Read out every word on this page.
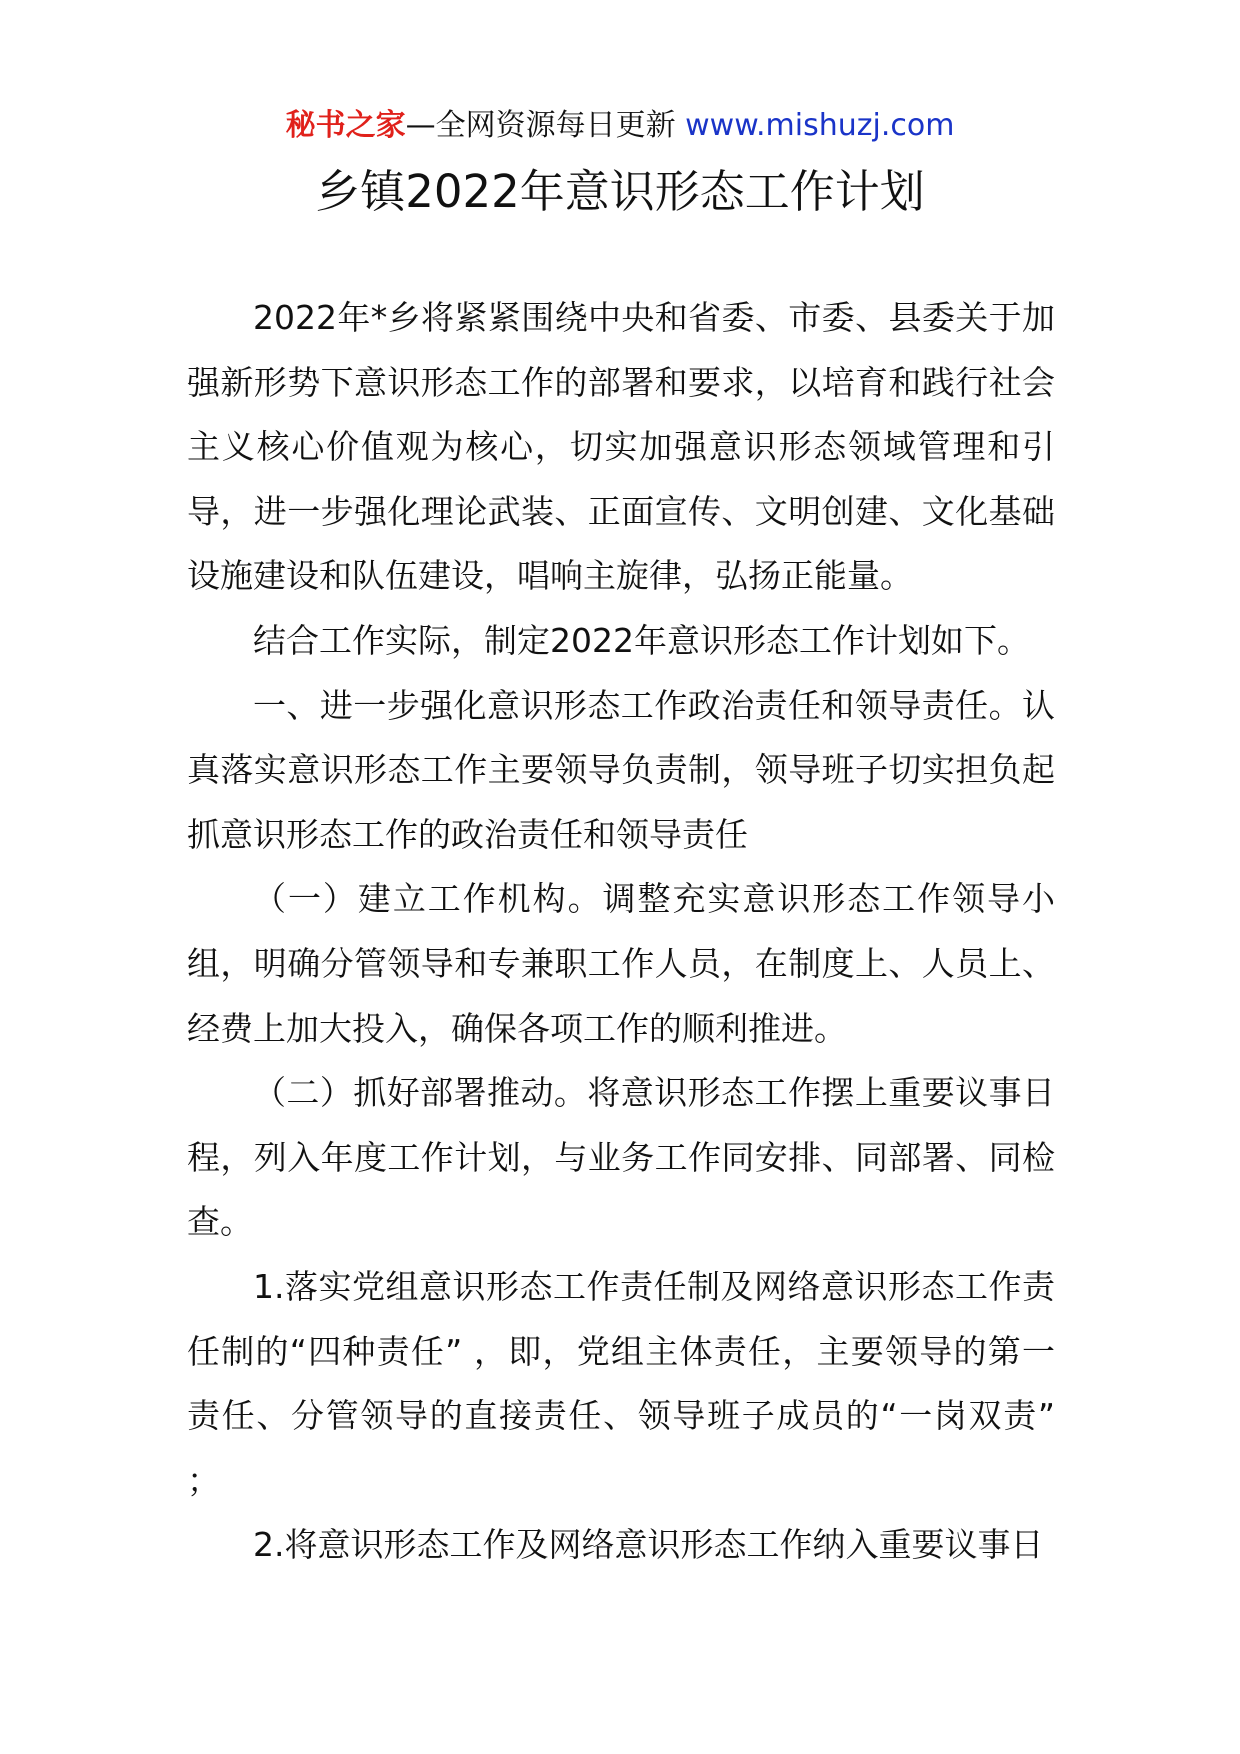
秘书之家—全网资源每日更新 www.mishuzj.com
乡镇2022年意识形态工作计划

2022年*乡将紧紧围绕中央和省委、市委、县委关于加强新形势下意识形态工作的部署和要求，以培育和践行社会主义核心价值观为核心，切实加强意识形态领域管理和引导，进一步强化理论武装、正面宣传、文明创建、文化基础设施建设和队伍建设，唱响主旋律，弘扬正能量。

结合工作实际，制定2022年意识形态工作计划如下。

一、进一步强化意识形态工作政治责任和领导责任。认真落实意识形态工作主要领导负责制，领导班子切实担负起抓意识形态工作的政治责任和领导责任

（一）建立工作机构。调整充实意识形态工作领导小组，明确分管领导和专兼职工作人员，在制度上、人员上、经费上加大投入，确保各项工作的顺利推进。

（二）抓好部署推动。将意识形态工作摆上重要议事日程，列入年度工作计划，与业务工作同安排、同部署、同检查。

1.落实党组意识形态工作责任制及网络意识形态工作责任制的“四种责任” ，即，党组主体责任，主要领导的第一责任、分管领导的直接责任、领导班子成员的“一岗双责” ；

2.将意识形态工作及网络意识形态工作纳入重要议事日
